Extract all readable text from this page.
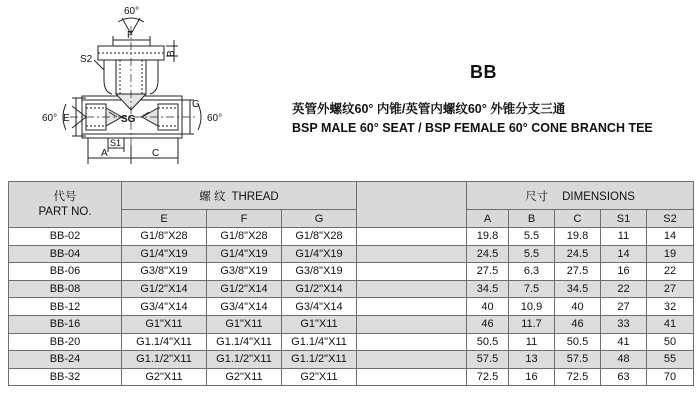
60°
F
B
S2
SG
60° E
G
60°
A
S1
C
BB
英管外螺纹60° 内锥/英管内螺纹60° 外锥分支三通
BSP MALE 60° SEAT / BSP FEMALE 60° CONE BRANCH TEE
代号
PART NO.	螺 纹 THREAD				尺寸 DIMENSIONS				
	E	F	G		A	B	C	S1	S2
BB-02	G1/8"X28	G1/8"X28	G1/8"X28		19.8	5.5	19.8	11	14
BB-04	G1/4"X19	G1/4"X19	G1/4"X19		24.5	5.5	24.5	14	19
BB-06	G3/8"X19	G3/8"X19	G3/8"X19		27.5	6.3	27.5	16	22
BB-08	G1/2"X14	G1/2"X14	G1/2"X14		34.5	7.5	34.5	22	27
BB-12	G3/4"X14	G3/4"X14	G3/4"X14		40	10.9	40	27	32
BB-16	G1"X11	G1"X11	G1"X11		46	11.7	46	33	41
BB-20	G1.1/4"X11	G1.1/4"X11	G1.1/4"X11		50.5	11	50.5	41	50
BB-24	G1.1/2"X11	G1.1/2"X11	G1.1/2"X11		57.5	13	57.5	48	55
BB-32	G2"X11	G2"X11	G2"X11		72.5	16	72.5	63	70
